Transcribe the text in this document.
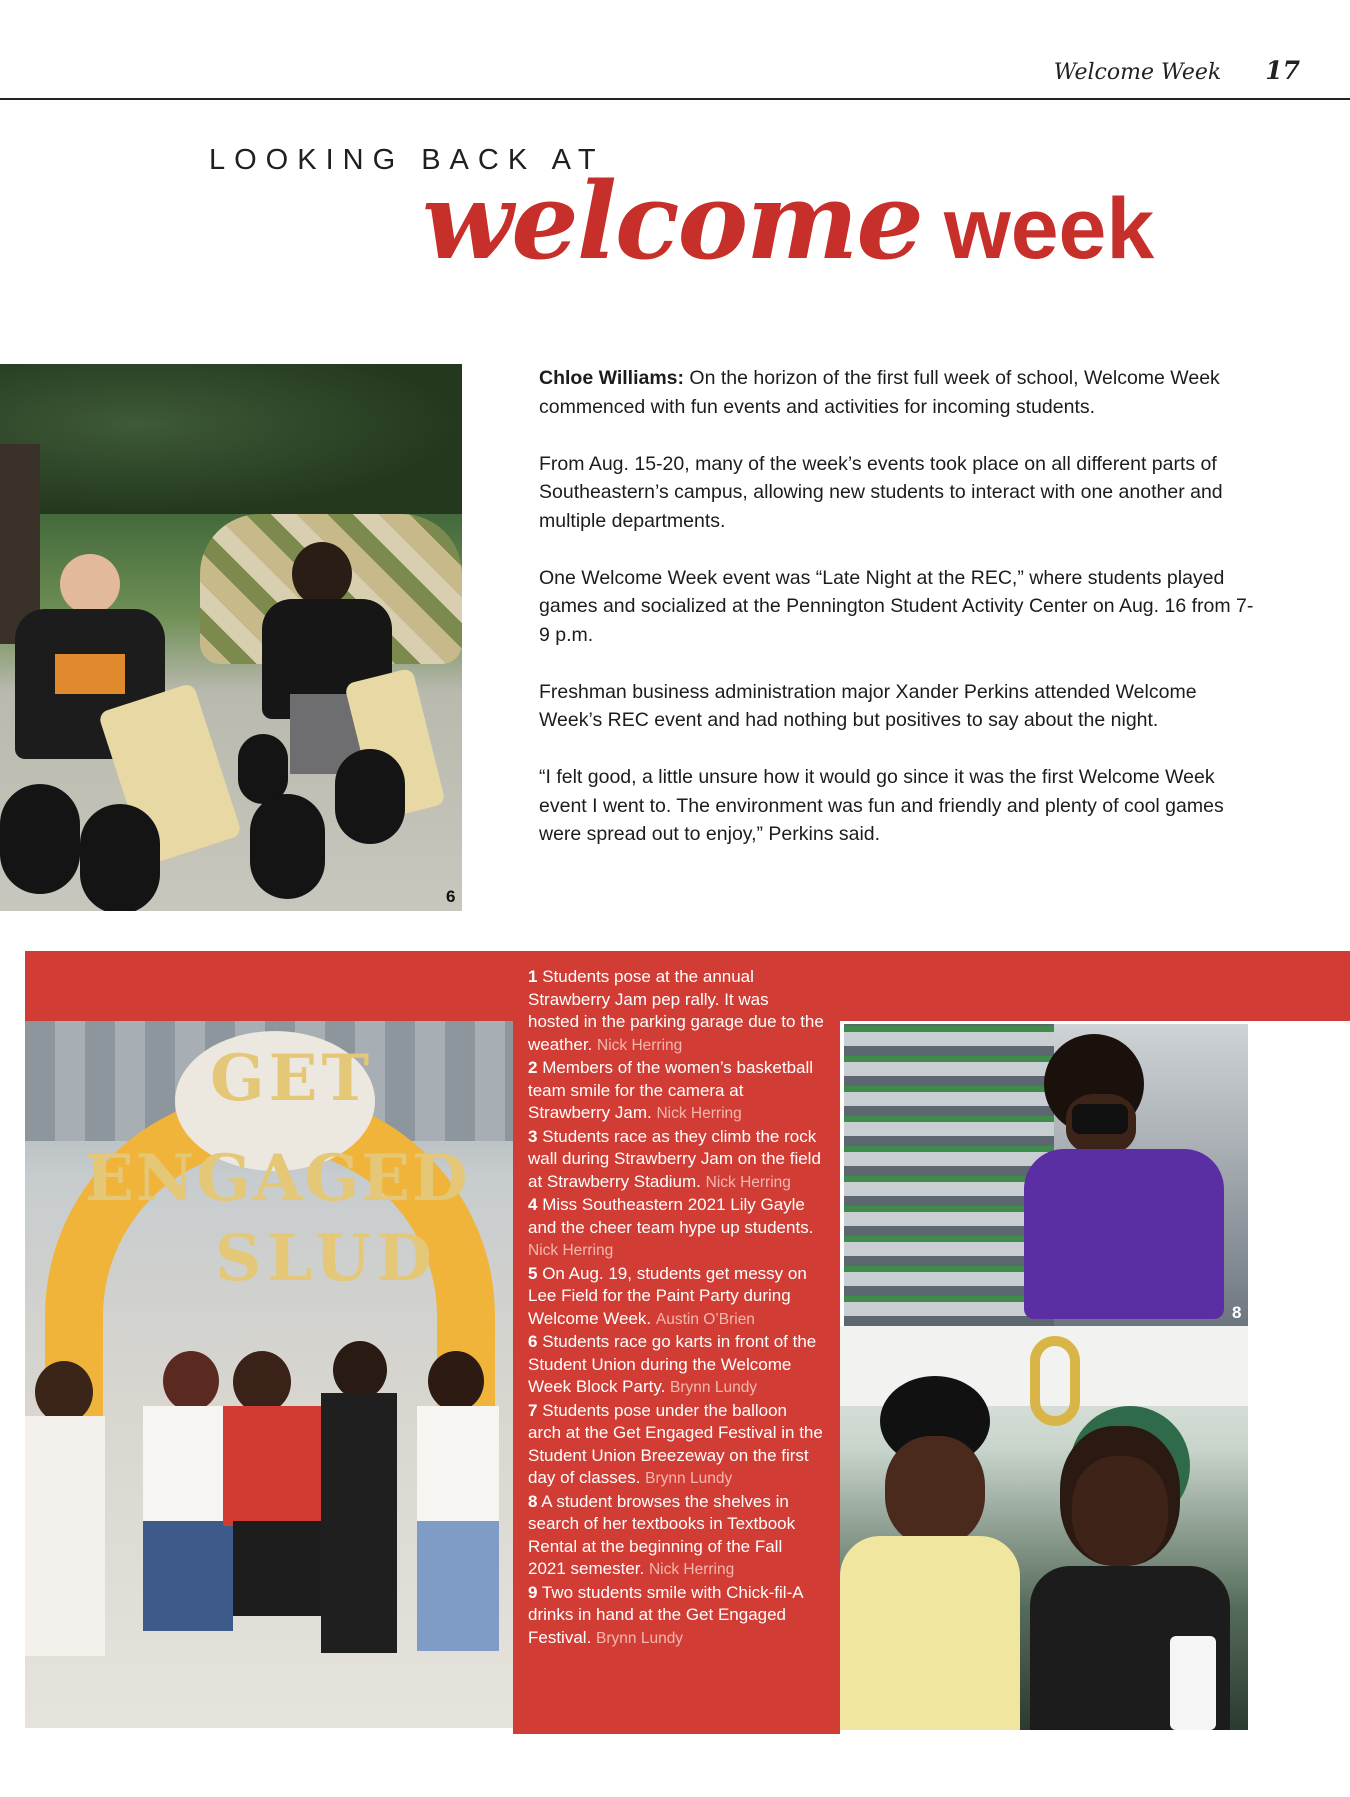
Welcome Week 17
LOOKING BACK AT
welcome week
6

Chloe Williams: On the horizon of the first full week of school, Welcome Week commenced with fun events and activities for incoming students.

From Aug. 15-20, many of the week’s events took place on all different parts of Southeastern’s campus, allowing new students to interact with one another and multiple departments.

One Welcome Week event was “Late Night at the REC,” where students played games and socialized at the Pennington Student Activity Center on Aug. 16 from 7-9 p.m.

Freshman business administration major Xander Perkins attended Welcome Week’s REC event and had nothing but positives to say about the night.

“I felt good, a little unsure how it would go since it was the first Welcome Week event I went to. The environment was fun and friendly and plenty of cool games were spread out to enjoy,” Perkins said.

GET
ENGAGED
SLUD
8
1 Students pose at the annual Strawberry Jam pep rally. It was hosted in the parking garage due to the weather. Nick Herring
2 Members of the women’s basketball team smile for the camera at Strawberry Jam. Nick Herring
3 Students race as they climb the rock wall during Strawberry Jam on the field at Strawberry Stadium. Nick Herring
4 Miss Southeastern 2021 Lily Gayle and the cheer team hype up students. Nick Herring
5 On Aug. 19, students get messy on Lee Field for the Paint Party during Welcome Week. Austin O’Brien
6 Students race go karts in front of the Student Union during the Welcome Week Block Party. Brynn Lundy
7 Students pose under the balloon arch at the Get Engaged Festival in the Student Union Breezeway on the first day of classes. Brynn Lundy
8 A student browses the shelves in search of her textbooks in Textbook Rental at the beginning of the Fall 2021 semester. Nick Herring
9 Two students smile with Chick-fil-A drinks in hand at the Get Engaged Festival. Brynn Lundy
